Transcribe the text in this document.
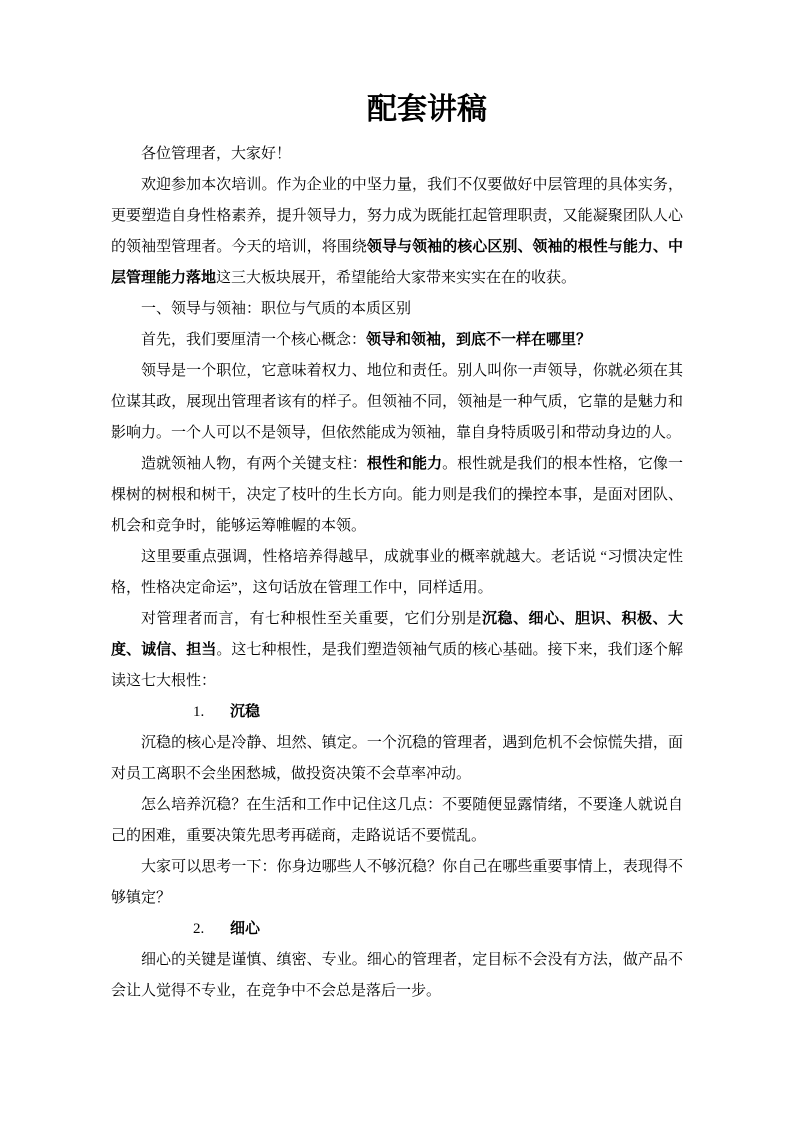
配套讲稿

各位管理者，大家好！

欢迎参加本次培训。作为企业的中坚力量，我们不仅要做好中层管理的具体实务，更要塑造自身性格素养，提升领导力，努力成为既能扛起管理职责，又能凝聚团队人心的领袖型管理者。今天的培训，将围绕领导与领袖的核心区别、领袖的根性与能力、中层管理能力落地这三大板块展开，希望能给大家带来实实在在的收获。

一、领导与领袖：职位与气质的本质区别

首先，我们要厘清一个核心概念：领导和领袖，到底不一样在哪里？

领导是一个职位，它意味着权力、地位和责任。别人叫你一声领导，你就必须在其位谋其政，展现出管理者该有的样子。但领袖不同，领袖是一种气质，它靠的是魅力和影响力。一个人可以不是领导，但依然能成为领袖，靠自身特质吸引和带动身边的人。

造就领袖人物，有两个关键支柱：根性和能力。根性就是我们的根本性格，它像一棵树的树根和树干，决定了枝叶的生长方向。能力则是我们的操控本事，是面对团队、机会和竞争时，能够运筹帷幄的本领。

这里要重点强调，性格培养得越早，成就事业的概率就越大。老话说 “习惯决定性格，性格决定命运”，这句话放在管理工作中，同样适用。

对管理者而言，有七种根性至关重要，它们分别是沉稳、细心、胆识、积极、大度、诚信、担当。这七种根性，是我们塑造领袖气质的核心基础。接下来，我们逐个解读这七大根性：

1. 沉稳

沉稳的核心是冷静、坦然、镇定。一个沉稳的管理者，遇到危机不会惊慌失措，面对员工离职不会坐困愁城，做投资决策不会草率冲动。

怎么培养沉稳？在生活和工作中记住这几点：不要随便显露情绪，不要逢人就说自己的困难，重要决策先思考再磋商，走路说话不要慌乱。

大家可以思考一下：你身边哪些人不够沉稳？你自己在哪些重要事情上，表现得不够镇定？

2. 细心

细心的关键是谨慎、缜密、专业。细心的管理者，定目标不会没有方法，做产品不会让人觉得不专业，在竞争中不会总是落后一步。
